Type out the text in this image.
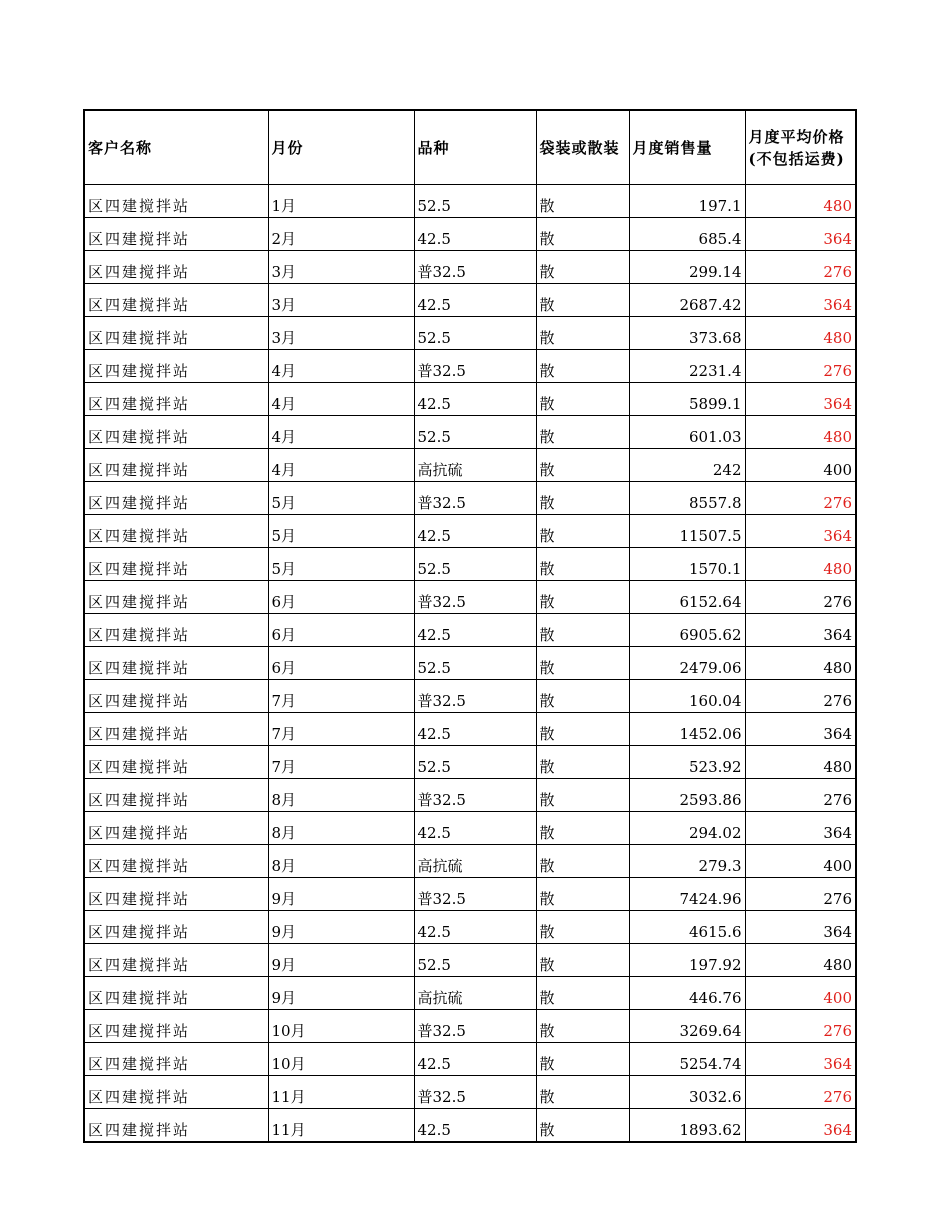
客户名称	月份	品种	袋装或散装	月度销售量	月度平均价格(不包括运费)
区四建搅拌站	1月	52.5	散	197.1	480
区四建搅拌站	2月	42.5	散	685.4	364
区四建搅拌站	3月	普32.5	散	299.14	276
区四建搅拌站	3月	42.5	散	2687.42	364
区四建搅拌站	3月	52.5	散	373.68	480
区四建搅拌站	4月	普32.5	散	2231.4	276
区四建搅拌站	4月	42.5	散	5899.1	364
区四建搅拌站	4月	52.5	散	601.03	480
区四建搅拌站	4月	高抗硫	散	242	400
区四建搅拌站	5月	普32.5	散	8557.8	276
区四建搅拌站	5月	42.5	散	11507.5	364
区四建搅拌站	5月	52.5	散	1570.1	480
区四建搅拌站	6月	普32.5	散	6152.64	276
区四建搅拌站	6月	42.5	散	6905.62	364
区四建搅拌站	6月	52.5	散	2479.06	480
区四建搅拌站	7月	普32.5	散	160.04	276
区四建搅拌站	7月	42.5	散	1452.06	364
区四建搅拌站	7月	52.5	散	523.92	480
区四建搅拌站	8月	普32.5	散	2593.86	276
区四建搅拌站	8月	42.5	散	294.02	364
区四建搅拌站	8月	高抗硫	散	279.3	400
区四建搅拌站	9月	普32.5	散	7424.96	276
区四建搅拌站	9月	42.5	散	4615.6	364
区四建搅拌站	9月	52.5	散	197.92	480
区四建搅拌站	9月	高抗硫	散	446.76	400
区四建搅拌站	10月	普32.5	散	3269.64	276
区四建搅拌站	10月	42.5	散	5254.74	364
区四建搅拌站	11月	普32.5	散	3032.6	276
区四建搅拌站	11月	42.5	散	1893.62	364
